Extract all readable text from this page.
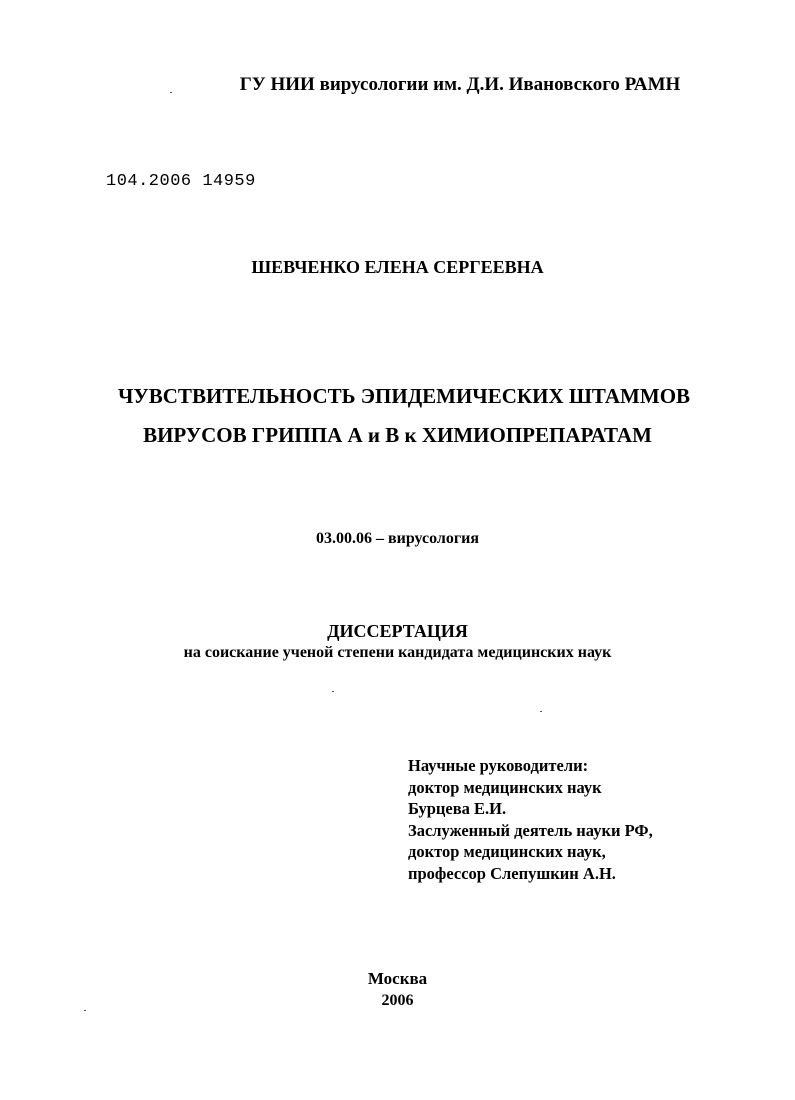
ГУ НИИ вирусологии им. Д.И. Ивановского РАМН
104.2006 14959
ШЕВЧЕНКО ЕЛЕНА СЕРГЕЕВНА
ЧУВСТВИТЕЛЬНОСТЬ ЭПИДЕМИЧЕСКИХ ШТАММОВ
ВИРУСОВ ГРИППА А и В к ХИМИОПРЕПАРАТАМ
03.00.06 – вирусология
ДИССЕРТАЦИЯ
на соискание ученой степени кандидата медицинских наук
Научные руководители:
доктор медицинских наук
Бурцева Е.И.
Заслуженный деятель науки РФ,
доктор медицинских наук,
профессор Слепушкин А.Н.
Москва
2006
